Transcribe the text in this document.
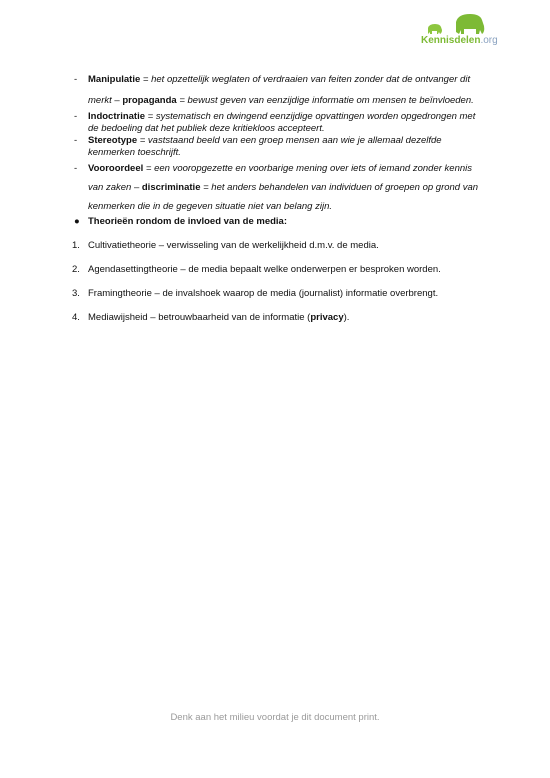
Kennisdelen.org
- Manipulatie = het opzettelijk weglaten of verdraaien van feiten zonder dat de ontvanger dit merkt – propaganda = bewust geven van eenzijdige informatie om mensen te beïnvloeden.
- Indoctrinatie = systematisch en dwingend eenzijdige opvattingen worden opgedrongen met de bedoeling dat het publiek deze kritiekloos accepteert.
- Stereotype = vaststaand beeld van een groep mensen aan wie je allemaal dezelfde kenmerken toeschrijft.
- Vooroordeel = een vooropgezette en voorbarige mening over iets of iemand zonder kennis van zaken – discriminatie = het anders behandelen van individuen of groepen op grond van kenmerken die in de gegeven situatie niet van belang zijn.
● Theorieën rondom de invloed van de media:
1. Cultivatietheorie – verwisseling van de werkelijkheid d.m.v. de media.
2. Agendasettingtheorie – de media bepaalt welke onderwerpen er besproken worden.
3. Framingtheorie – de invalshoek waarop de media (journalist) informatie overbrengt.
4. Mediawijsheid – betrouwbaarheid van de informatie (privacy).
Denk aan het milieu voordat je dit document print.
